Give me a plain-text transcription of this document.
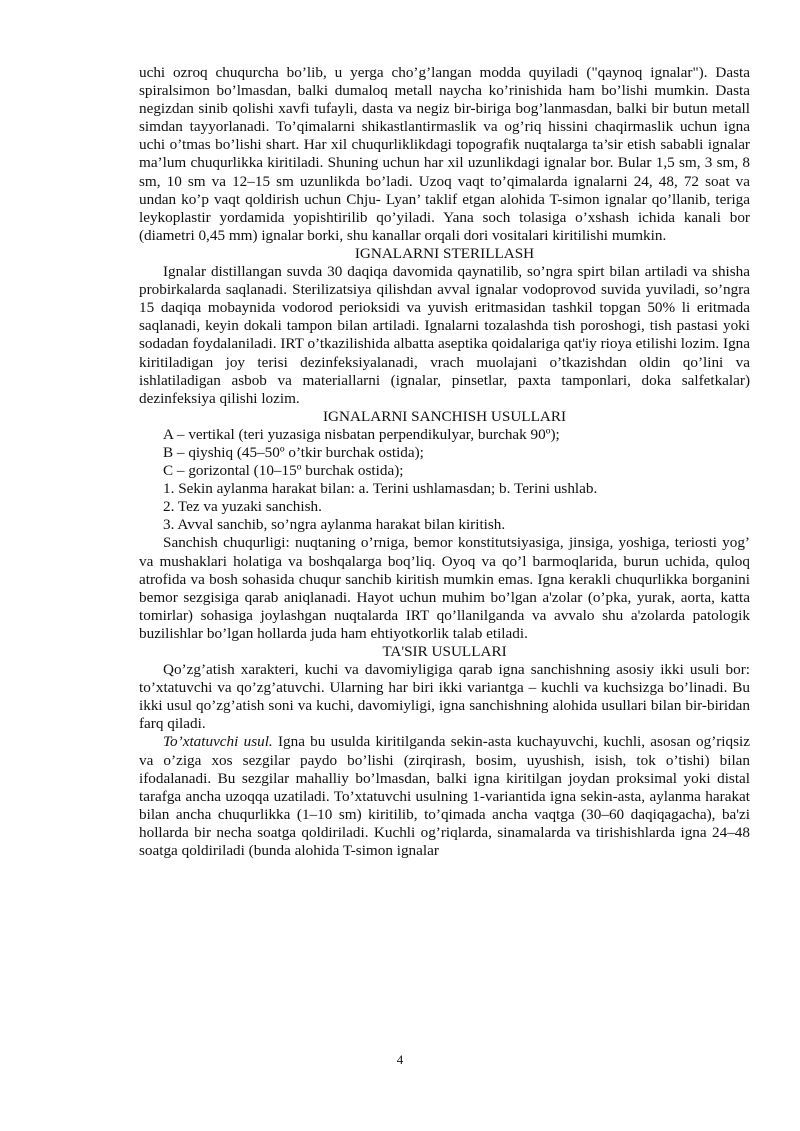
uchi ozroq chuqurcha bo’lib, u yerga cho’g’langan modda quyiladi ("qaynoq ignalar"). Dasta spiralsimon bo’lmasdan, balki dumaloq metall naycha ko’rinishida ham bo’lishi mumkin. Dasta negizdan sinib qolishi xavfi tufayli, dasta va negiz bir-biriga bog’lanmasdan, balki bir butun metall simdan tayyorlanadi. To’qimalarni shikastlantirmaslik va og’riq hissini chaqirmaslik uchun igna uchi o’tmas bo’lishi shart. Har xil chuqurliklikdagi topografik nuqtalarga ta’sir etish sababli ignalar ma’lum chuqurlikka kiritiladi. Shuning uchun har xil uzunlikdagi ignalar bor. Bular 1,5 sm, 3 sm, 8 sm, 10 sm va 12–15 sm uzunlikda bo’ladi. Uzoq vaqt to’qimalarda ignalarni 24, 48, 72 soat va undan ko’p vaqt qoldirish uchun Chju- Lyan’ taklif etgan alohida T-simon ignalar qo’llanib, teriga leykoplastir yordamida yopishtirilib qo’yiladi. Yana soch tolasiga o’xshash ichida kanali bor (diametri 0,45 mm) ignalar borki, shu kanallar orqali dori vositalari kiritilishi mumkin.

IGNALARNI STERILLASH

Ignalar distillangan suvda 30 daqiqa davomida qaynatilib, so’ngra spirt bilan artiladi va shisha probirkalarda saqlanadi. Sterilizatsiya qilishdan avval ignalar vodoprovod suvida yuviladi, so’ngra 15 daqiqa mobaynida vodorod perioksidi va yuvish eritmasidan tashkil topgan 50% li eritmada saqlanadi, keyin dokali tampon bilan artiladi. Ignalarni tozalashda tish poroshogi, tish pastasi yoki sodadan foydalaniladi. IRT o’tkazilishida albatta aseptika qoidalariga qat'iy rioya etilishi lozim. Igna kiritiladigan joy terisi dezinfeksiyalanadi, vrach muolajani o’tkazishdan oldin qo’lini va ishlatiladigan asbob va materiallarni (ignalar, pinsetlar, paxta tamponlari, doka salfetkalar) dezinfeksiya qilishi lozim.

IGNALARNI SANCHISH USULLARI

A – vertikal (teri yuzasiga nisbatan perpendikulyar, burchak 90º);

B – qiyshiq (45–50º o’tkir burchak ostida);

C – gorizontal (10–15º burchak ostida);

1. Sekin aylanma harakat bilan: a. Terini ushlamasdan; b. Terini ushlab.

2. Tez va yuzaki sanchish.

3. Avval sanchib, so’ngra aylanma harakat bilan kiritish.

Sanchish chuqurligi: nuqtaning o’rniga, bemor konstitutsiyasiga, jinsiga, yoshiga, teriosti yog’ va mushaklari holatiga va boshqalarga boq’liq. Oyoq va qo’l barmoqlarida, burun uchida, quloq atrofida va bosh sohasida chuqur sanchib kiritish mumkin emas. Igna kerakli chuqurlikka borganini bemor sezgisiga qarab aniqlanadi. Hayot uchun muhim bo’lgan a'zolar (o’pka, yurak, aorta, katta tomirlar) sohasiga joylashgan nuqtalarda IRT qo’llanilganda va avvalo shu a'zolarda patologik buzilishlar bo’lgan hollarda juda ham ehtiyotkorlik talab etiladi.

TA'SIR USULLARI

Qo’zg’atish xarakteri, kuchi va davomiyligiga qarab igna sanchishning asosiy ikki usuli bor: to’xtatuvchi va qo’zg’atuvchi. Ularning har biri ikki variantga – kuchli va kuchsizga bo’linadi. Bu ikki usul qo’zg’atish soni va kuchi, davomiyligi, igna sanchishning alohida usullari bilan bir-biridan farq qiladi.

To’xtatuvchi usul. Igna bu usulda kiritilganda sekin-asta kuchayuvchi, kuchli, asosan og’riqsiz va o’ziga xos sezgilar paydo bo’lishi (zirqirash, bosim, uyushish, isish, tok o’tishi) bilan ifodalanadi. Bu sezgilar mahalliy bo’lmasdan, balki igna kiritilgan joydan proksimal yoki distal tarafga ancha uzoqqa uzatiladi. To’xtatuvchi usulning 1-variantida igna sekin-asta, aylanma harakat bilan ancha chuqurlikka (1–10 sm) kiritilib, to’qimada ancha vaqtga (30–60 daqiqagacha), ba'zi hollarda bir necha soatga qoldiriladi. Kuchli og’riqlarda, sinamalarda va tirishishlarda igna 24–48 soatga qoldiriladi (bunda alohida T-simon ignalar

4
